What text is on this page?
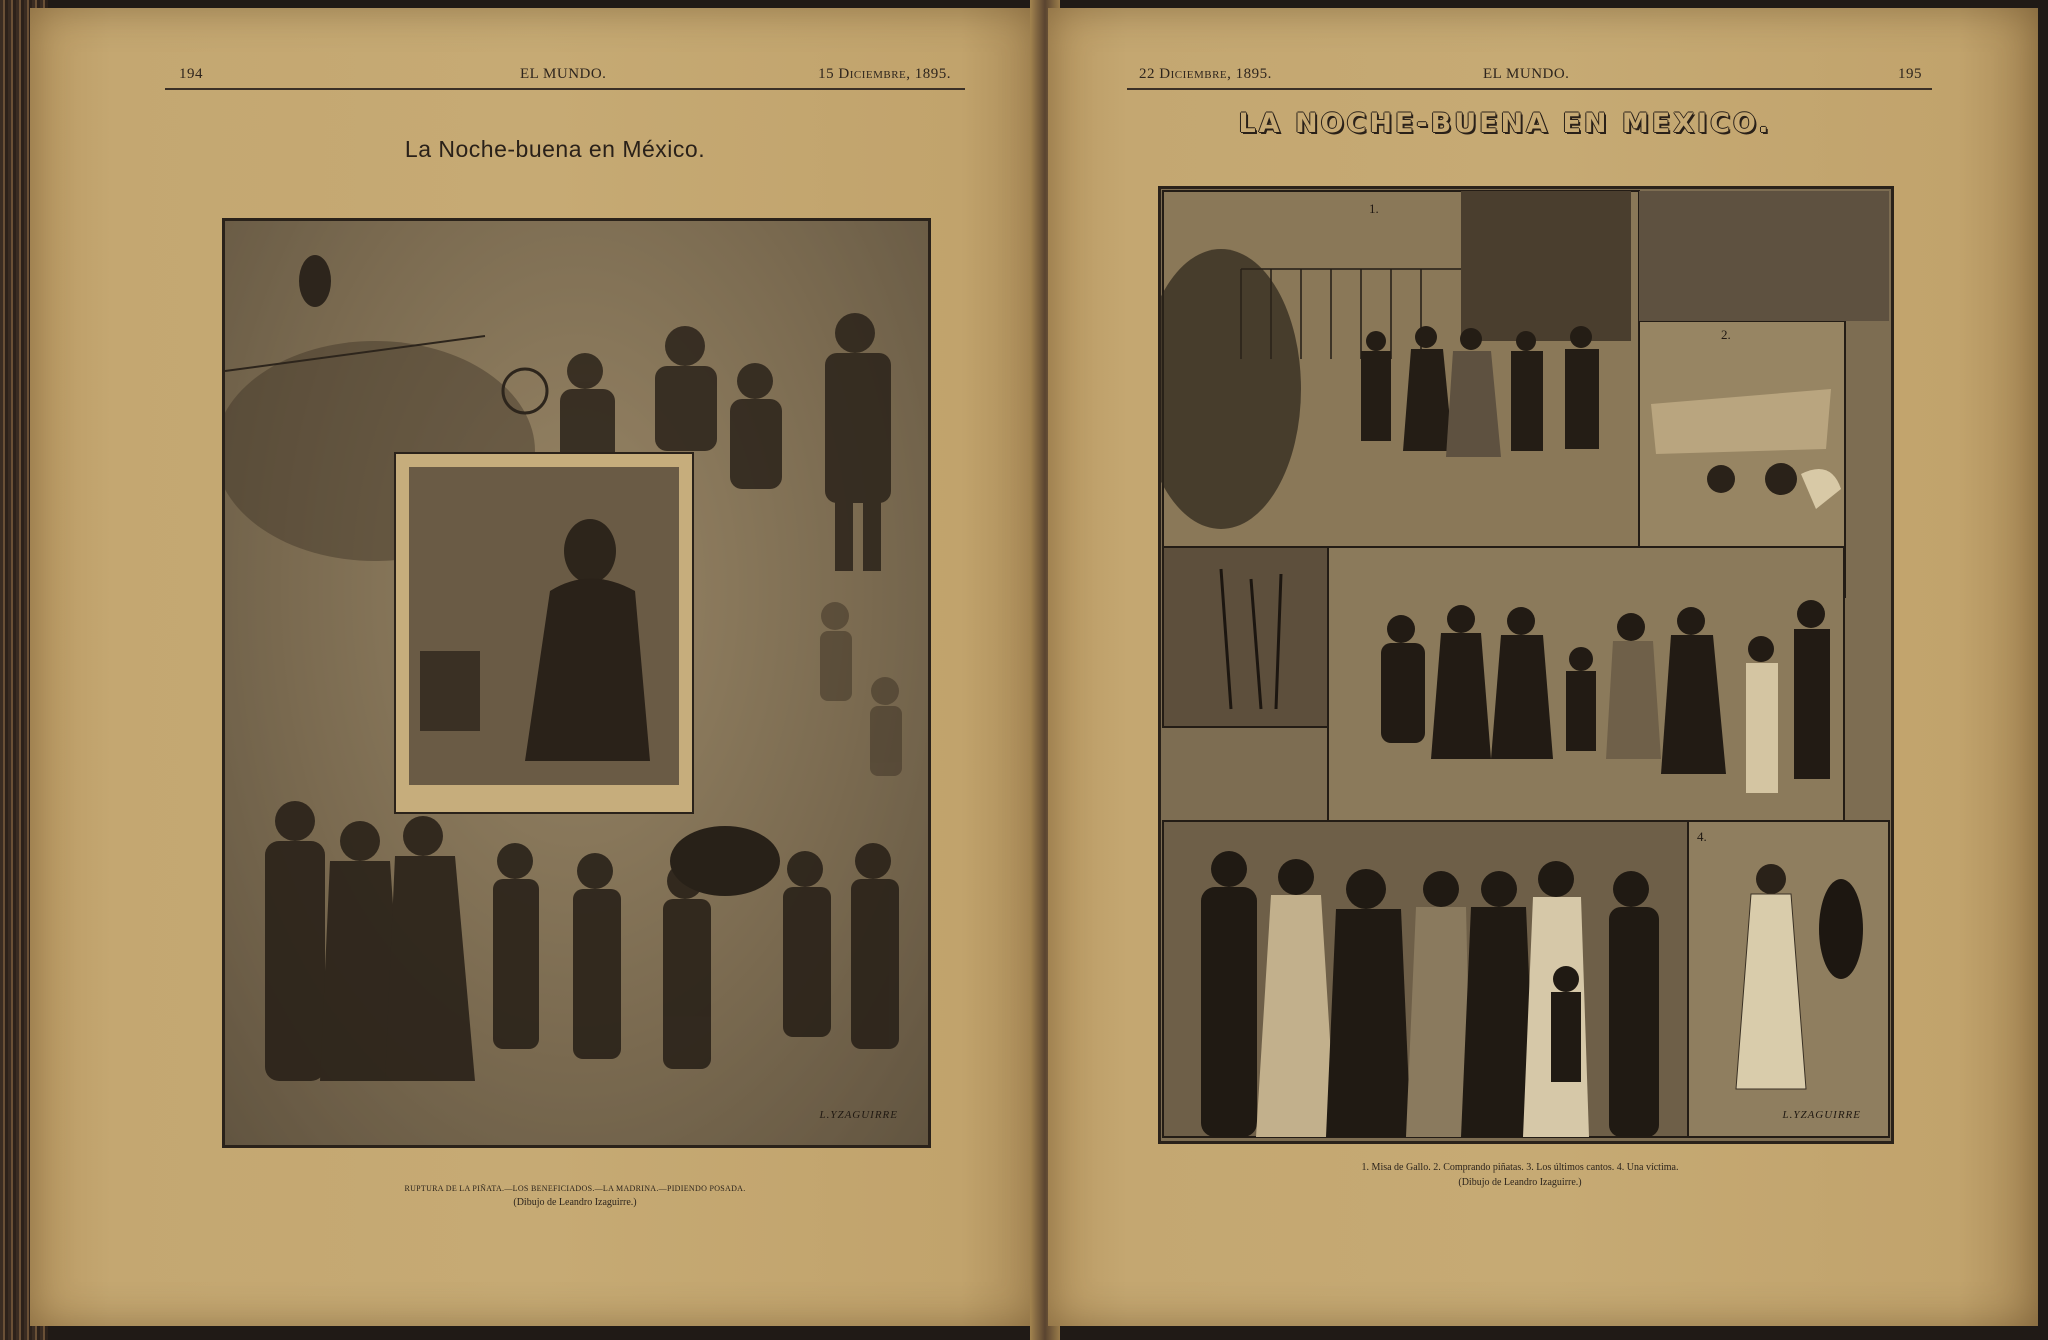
194	EL MUNDO.	15 Diciembre, 1895.
La Noche-buena en México.
L.YZAGUIRRE
RUPTURA DE LA PIÑATA.—LOS BENEFICIADOS.—LA MADRINA.—PIDIENDO POSADA.
(Dibujo de Leandro Izaguirre.)
22 Diciembre, 1895.	EL MUNDO.	195
LA NOCHE-BUENA EN MEXICO.
1.
2.
4.
L.YZAGUIRRE
1. Misa de Gallo. 2. Comprando piñatas. 3. Los últimos cantos. 4. Una víctima.
(Dibujo de Leandro Izaguirre.)
